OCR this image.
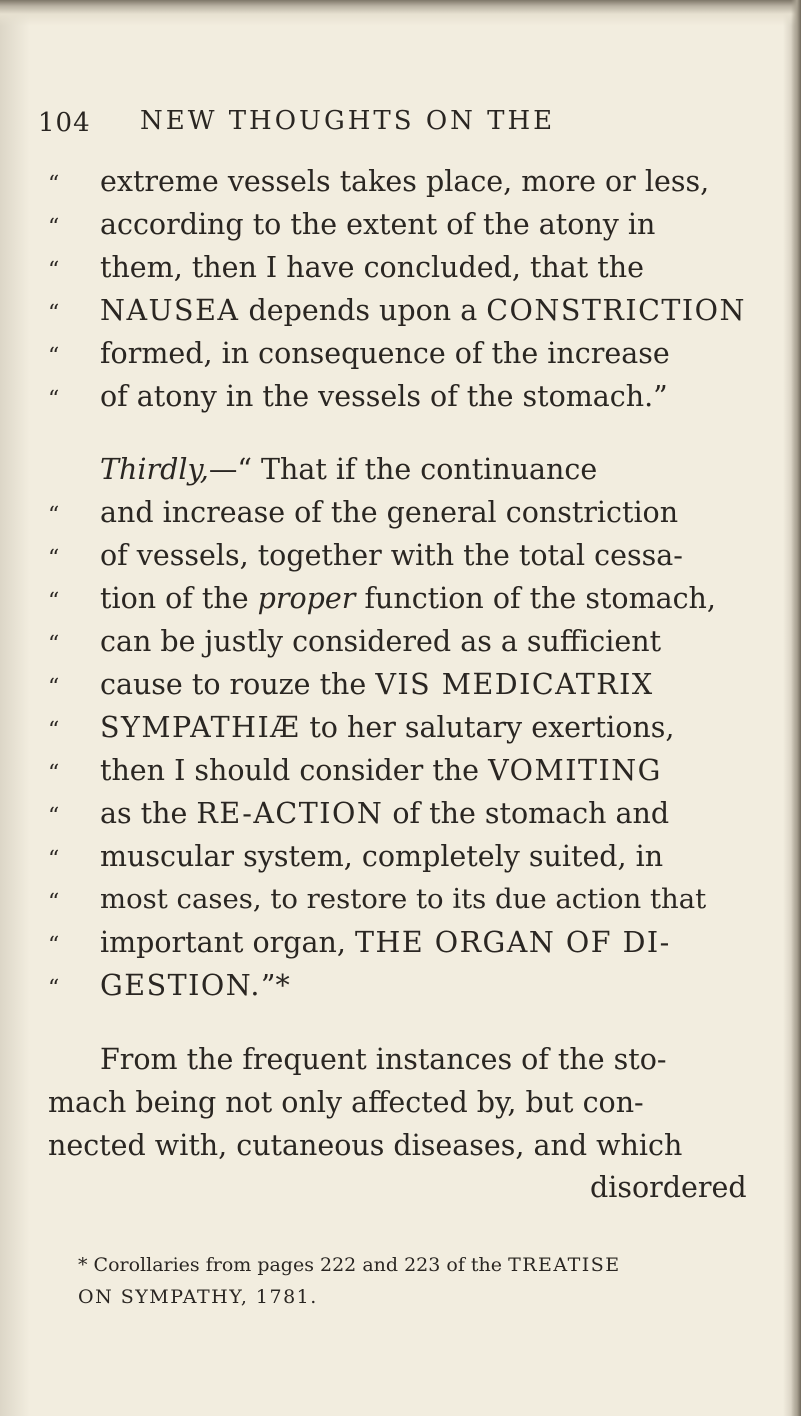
104 NEW THOUGHTS ON THE
“ extreme vessels takes place, more or less,
“ according to the extent of the atony in
“ them, then I have concluded, that the
“ NAUSEA depends upon a CONSTRICTION
“ formed, in consequence of the increase
“ of atony in the vessels of the stomach.”
Thirdly,—“ That if the continuance
“ and increase of the general constriction
“ of vessels, together with the total cessa-
“ tion of the proper function of the stomach,
“ can be justly considered as a sufficient
“ cause to rouze the VIS MEDICATRIX
“ SYMPATHIÆ to her salutary exertions,
“ then I should consider the VOMITING
“ as the RE-ACTION of the stomach and
“ muscular system, completely suited, in
“ most cases, to restore to its due action that
“ important organ, THE ORGAN OF DI-
“ GESTION.”*
From the frequent instances of the sto-
mach being not only affected by, but con-
nected with, cutaneous diseases, and which
disordered
* Corollaries from pages 222 and 223 of the TREATISE
ON SYMPATHY, 1781.
